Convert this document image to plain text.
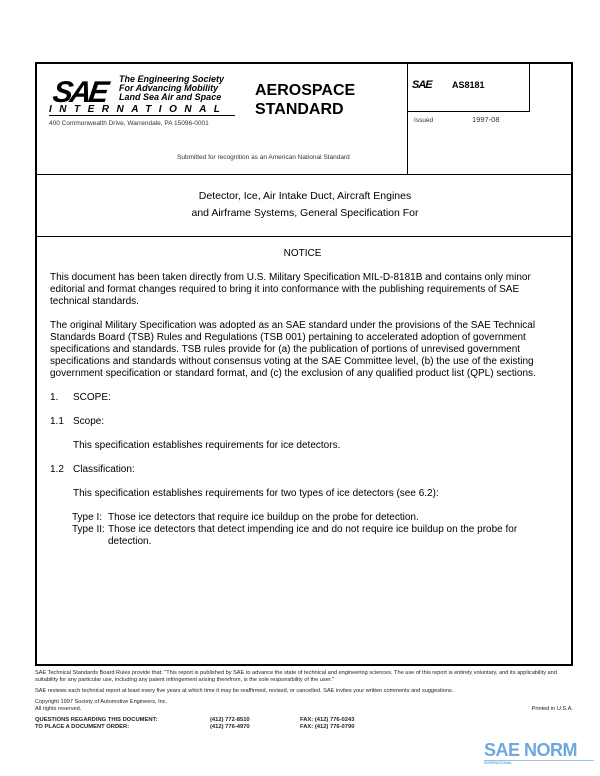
SAE The Engineering Society
For Advancing Mobility
Land Sea Air and Space
INTERNATIONAL
400 Commonwealth Drive, Warrendale, PA 15096-0001
AEROSPACE
STANDARD
Submitted for recognition as an American National Standard
SAE AS8181
Issued	1997-08
Detector, Ice, Air Intake Duct, Aircraft Engines
and Airframe Systems, General Specification For

NOTICE

This document has been taken directly from U.S. Military Specification MIL-D-8181B and contains only minor editorial and format changes required to bring it into conformance with the publishing requirements of SAE technical standards.

The original Military Specification was adopted as an SAE standard under the provisions of the SAE Technical Standards Board (TSB) Rules and Regulations (TSB 001) pertaining to accelerated adoption of government specifications and standards. TSB rules provide for (a) the publication of portions of unrevised government specifications and standards without consensus voting at the SAE Committee level, (b) the use of the existing government specification or standard format, and (c) the exclusion of any qualified product list (QPL) sections.

1.	SCOPE:

1.1 Scope:

This specification establishes requirements for ice detectors.

1.2 Classification:

This specification establishes requirements for two types of ice detectors (see 6.2):

Type I: Those ice detectors that require ice buildup on the probe for detection.
Type II: Those ice detectors that detect impending ice and do not require ice buildup on the probe for detection.

SAE Technical Standards Board Rules provide that: "This report is published by SAE to advance the state of technical and engineering sciences. The use of this report is entirely voluntary, and its applicability and suitability for any particular use, including any patent infringement arising therefrom, is the sole responsibility of the user."

SAE reviews each technical report at least every five years at which time it may be reaffirmed, revised, or cancelled. SAE invites your written comments and suggestions.

Copyright 1997 Society of Automotive Engineers, Inc.
All rights reserved.	Printed in U.S.A.
QUESTIONS REGARDING THIS DOCUMENT:	(412) 772-8510	FAX: (412) 776-0243
TO PLACE A DOCUMENT ORDER:	(412) 776-4970	FAX: (412) 776-0790
SAE NORM
INTERNATIONAL
